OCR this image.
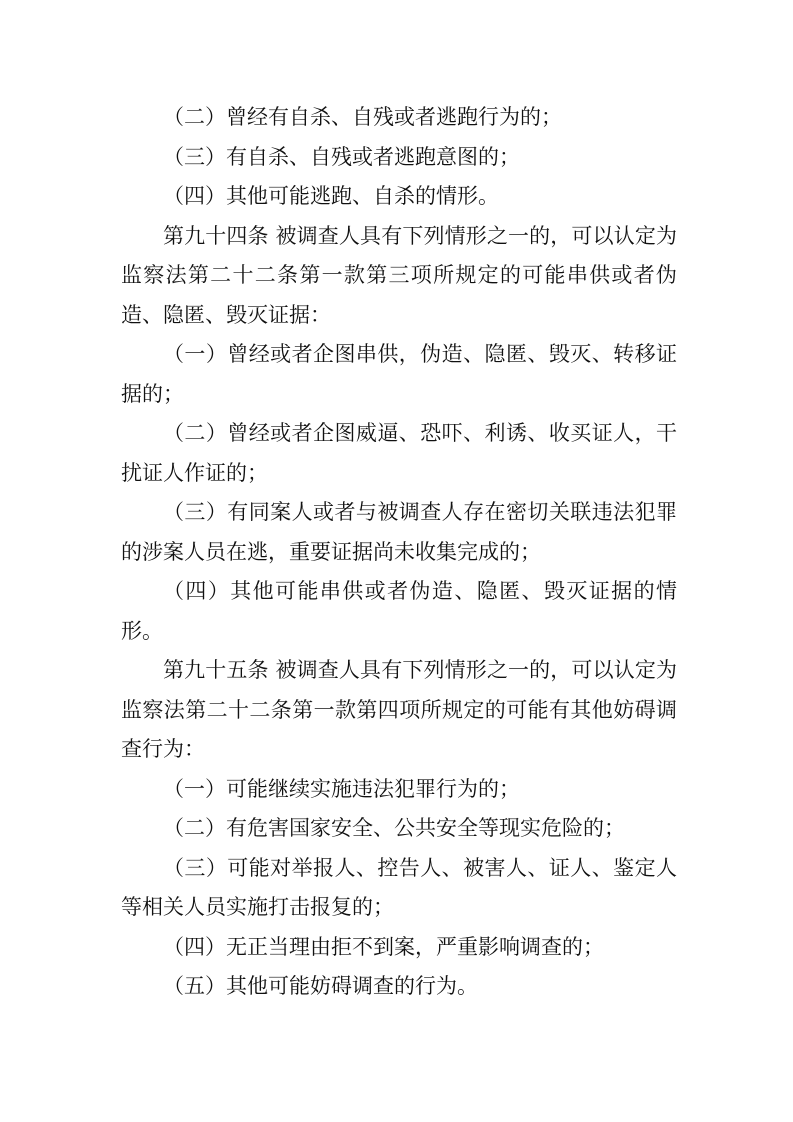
（二）曾经有自杀、自残或者逃跑行为的；

（三）有自杀、自残或者逃跑意图的；

（四）其他可能逃跑、自杀的情形。

第九十四条 被调查人具有下列情形之一的，可以认定为监察法第二十二条第一款第三项所规定的可能串供或者伪造、隐匿、毁灭证据：

（一）曾经或者企图串供，伪造、隐匿、毁灭、转移证据的；

（二）曾经或者企图威逼、恐吓、利诱、收买证人，干扰证人作证的；

（三）有同案人或者与被调查人存在密切关联违法犯罪的涉案人员在逃，重要证据尚未收集完成的；

（四）其他可能串供或者伪造、隐匿、毁灭证据的情形。

第九十五条 被调查人具有下列情形之一的，可以认定为监察法第二十二条第一款第四项所规定的可能有其他妨碍调查行为：

（一）可能继续实施违法犯罪行为的；

（二）有危害国家安全、公共安全等现实危险的；

（三）可能对举报人、控告人、被害人、证人、鉴定人等相关人员实施打击报复的；

（四）无正当理由拒不到案，严重影响调查的；

（五）其他可能妨碍调查的行为。
